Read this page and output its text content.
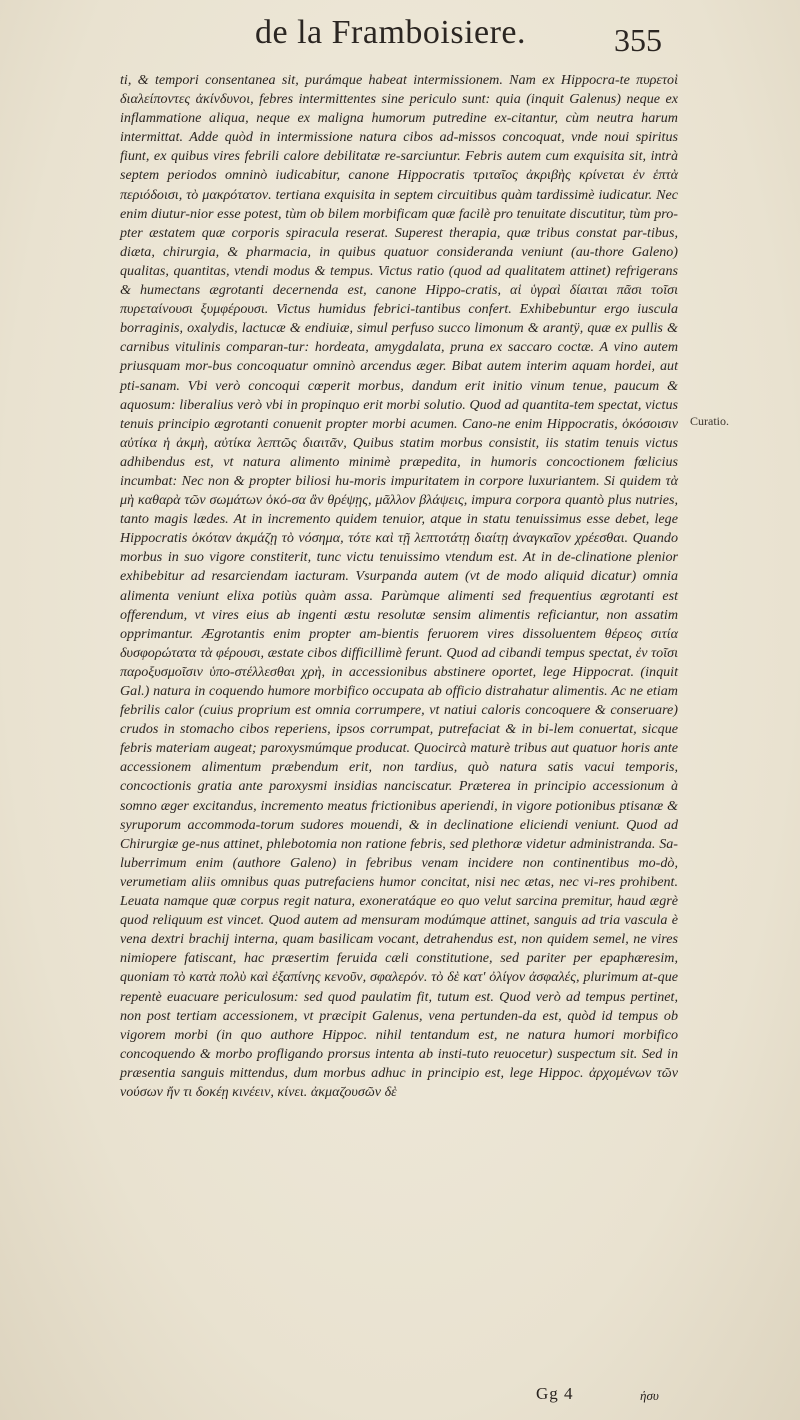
de la Framboisiere.	355

ti, & tempori consentanea sit, purámque habeat intermissionem. Nam ex Hippocra-te πυρετοὶ διαλείποντες ἀκίνδυνοι, febres intermittentes sine periculo sunt: quia (inquit Galenus) neque ex inflammatione aliqua, neque ex maligna humorum putredine ex-citantur, cùm neutra harum intermittat. Adde quòd in intermissione natura cibos ad-missos concoquat, vnde noui spiritus fiunt, ex quibus vires febrili calore debilitatæ re-sarciuntur. Febris autem cum exquisita sit, intrà septem periodos omninò iudicabitur, canone Hippocratis τριταῖος ἀκριβὴς κρίνεται ἐν ἑπτὰ περιόδοισι, τὸ μακρότατον. tertiana exquisita in septem circuitibus quàm tardissimè iudicatur. Nec enim diutur-nior esse potest, tùm ob bilem morbificam quæ facilè pro tenuitate discutitur, tùm pro-pter æstatem quæ corporis spiracula reserat. Superest therapia, quæ tribus constat par-tibus, diæta, chirurgia, & pharmacia, in quibus quatuor consideranda veniunt (au-thore Galeno) qualitas, quantitas, vtendi modus & tempus. Victus ratio (quod ad qualitatem attinet) refrigerans & humectans ægrotanti decernenda est, canone Hippo-cratis, αἱ ὑγραὶ δίαιται πᾶσι τοῖσι πυρεταίνουσι ξυμφέρουσι. Victus humidus febrici-tantibus confert. Exhibebuntur ergo iuscula borraginis, oxalydis, lactucæ & endiuiæ, simul perfuso succo limonum & arantÿ, quæ ex pullis & carnibus vitulinis comparan-tur: hordeata, amygdalata, pruna ex saccaro coctæ. A vino autem priusquam mor-bus concoquatur omninò arcendus æger. Bibat autem interim aquam hordei, aut pti-sanam. Vbi verò concoqui cœperit morbus, dandum erit initio vinum tenue, paucum & aquosum: liberalius verò vbi in propinquo erit morbi solutio. Quod ad quantita-tem spectat, victus tenuis principio ægrotanti conuenit propter morbi acumen. Cano-ne enim Hippocratis, ὁκόσοισιν αὐτίκα ἡ ἀκμὴ, αὐτίκα λεπτῶς διαιτᾶν, Quibus statim morbus consistit, iis statim tenuis victus adhibendus est, vt natura alimento minimè præpedita, in humoris concoctionem fœlicius incumbat: Nec non & propter biliosi hu-moris impuritatem in corpore luxuriantem. Si quidem τὰ μὴ καθαρὰ τῶν σωμάτων ὁκό-σα ἂν θρέψῃς, μᾶλλον βλάψεις, impura corpora quantò plus nutries, tanto magis lædes. At in incremento quidem tenuior, atque in statu tenuissimus esse debet, lege Hippocratis ὁκόταν ἀκμάζῃ τὸ νόσημα, τότε καὶ τῇ λεπτοτάτῃ διαίτῃ ἀναγκαῖον χρέεσθαι. Quando morbus in suo vigore constiterit, tunc victu tenuissimo vtendum est. At in de-clinatione plenior exhibebitur ad resarciendam iacturam. Vsurpanda autem (vt de modo aliquid dicatur) omnia alimenta veniunt elixa potiùs quàm assa. Parùmque alimenti sed frequentius ægrotanti est offerendum, vt vires eius ab ingenti æstu resolutæ sensim alimentis reficiantur, non assatim opprimantur. Ægrotantis enim propter am-bientis feruorem vires dissoluentem θέρεος σιτία δυσφορώτατα τὰ φέρουσι, æstate cibos difficillimè ferunt. Quod ad cibandi tempus spectat, ἐν τοῖσι παροξυσμοῖσιν ὑπο-στέλλεσθαι χρὴ, in accessionibus abstinere oportet, lege Hippocrat. (inquit Gal.) natura in coquendo humore morbifico occupata ab officio distrahatur alimentis. Ac ne etiam febrilis calor (cuius proprium est omnia corrumpere, vt natiui caloris concoquere & conseruare) crudos in stomacho cibos reperiens, ipsos corrumpat, putrefaciat & in bi-lem conuertat, sicque febris materiam augeat; paroxysmúmque producat. Quocircà maturè tribus aut quatuor horis ante accessionem alimentum præbendum erit, non tardius, quò natura satis vacui temporis, concoctionis gratia ante paroxysmi insidias nanciscatur. Præterea in principio accessionum à somno æger excitandus, incremento meatus frictionibus aperiendi, in vigore potionibus ptisanæ & syruporum accommoda-torum sudores mouendi, & in declinatione eliciendi veniunt. Quod ad Chirurgiæ ge-nus attinet, phlebotomia non ratione febris, sed plethoræ videtur administranda. Sa-luberrimum enim (authore Galeno) in febribus venam incidere non continentibus mo-dò, verumetiam aliis omnibus quas putrefaciens humor concitat, nisi nec ætas, nec vi-res prohibent. Leuata namque quæ corpus regit natura, exoneratáque eo quo velut sarcina premitur, haud ægrè quod reliquum est vincet. Quod autem ad mensuram modúmque attinet, sanguis ad tria vascula è vena dextri brachij interna, quam basilicam vocant, detrahendus est, non quidem semel, ne vires nimiopere fatiscant, hac præsertim feruida cæli constitutione, sed pariter per epaphæresim, quoniam τὸ κατὰ πολὺ καὶ ἐξαπίνης κενοῦν, σφαλερόν. τὸ δὲ κατ' ὀλίγον ἀσφαλές, plurimum at-que repentè euacuare periculosum: sed quod paulatim fit, tutum est. Quod verò ad tempus pertinet, non post tertiam accessionem, vt præcipit Galenus, vena pertunden-da est, quòd id tempus ob vigorem morbi (in quo authore Hippoc. nihil tentandum est, ne natura humori morbifico concoquendo & morbo profligando prorsus intenta ab insti-tuto reuocetur) suspectum sit. Sed in præsentia sanguis mittendus, dum morbus adhuc in principio est, lege Hippoc. ἀρχομένων τῶν νούσων ἤν τι δοκέῃ κινέειν, κίνει. ἀκμαζουσῶν δὲ

Curatio.
Gg 4	ἡσυ
